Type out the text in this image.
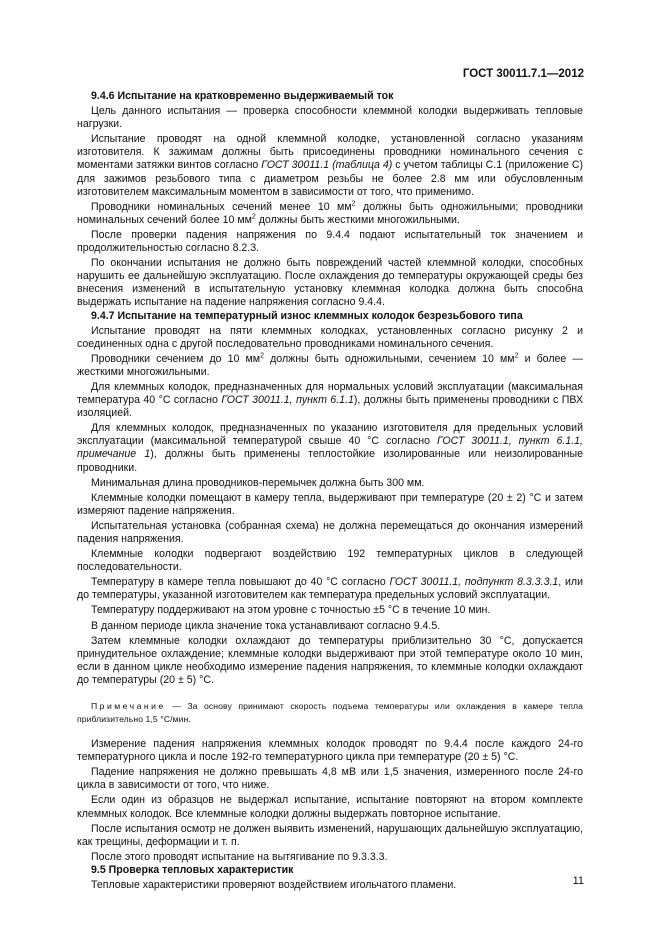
ГОСТ 30011.7.1—2012

9.4.6 Испытание на кратковременно выдерживаемый ток

Цель данного испытания — проверка способности клеммной колодки выдерживать тепловые нагрузки.

Испытание проводят на одной клеммной колодке, установленной согласно указаниям изготовителя. К зажимам должны быть присоединены проводники номинального сечения с моментами затяжки винтов согласно ГОСТ 30011.1 (таблица 4) с учетом таблицы С.1 (приложение С) для зажимов резьбового типа с диаметром резьбы не более 2.8 мм или обусловленным изготовителем максимальным моментом в зависимости от того, что применимо.

Проводники номинальных сечений менее 10 $мм^2$ должны быть одножильными; проводники номинальных сечений более 10 $мм^2$ должны быть жесткими многожильными.

После проверки падения напряжения по 9.4.4 подают испытательный ток значением и продолжительностью согласно 8.2.3.

По окончании испытания не должно быть повреждений частей клеммной колодки, способных нарушить ее дальнейшую эксплуатацию. После охлаждения до температуры окружающей среды без внесения изменений в испытательную установку клеммная колодка должна быть способна выдержать испытание на падение напряжения согласно 9.4.4.

9.4.7 Испытание на температурный износ клеммных колодок безрезьбового типа

Испытание проводят на пяти клеммных колодках, установленных согласно рисунку 2 и соединенных одна с другой последовательно проводниками номинального сечения.

Проводники сечением до 10 $мм^2$ должны быть одножильными, сечением 10 $мм^2$ и более — жесткими многожильными.

Для клеммных колодок, предназначенных для нормальных условий эксплуатации (максимальная температура 40 °С согласно ГОСТ 30011.1, пункт 6.1.1), должны быть применены проводники с ПВХ изоляцией.

Для клеммных колодок, предназначенных по указанию изготовителя для предельных условий эксплуатации (максимальной температурой свыше 40 °С согласно ГОСТ 30011.1, пункт 6.1.1, примечание 1), должны быть применены теплостойкие изолированные или неизолированные проводники.

Минимальная длина проводников-перемычек должна быть 300 мм.

Клеммные колодки помещают в камеру тепла, выдерживают при температуре (20 ± 2) °С и затем измеряют падение напряжения.

Испытательная установка (собранная схема) не должна перемещаться до окончания измерений падения напряжения.

Клеммные колодки подвергают воздействию 192 температурных циклов в следующей последовательности.

Температуру в камере тепла повышают до 40 °С согласно ГОСТ 30011.1, подпункт 8.3.3.3.1, или до температуры, указанной изготовителем как температура предельных условий эксплуатации.

Температуру поддерживают на этом уровне с точностью ±5 °С в течение 10 мин.

В данном периоде цикла значение тока устанавливают согласно 9.4.5.

Затем клеммные колодки охлаждают до температуры приблизительно 30 °С, допускается принудительное охлаждение; клеммные колодки выдерживают при этой температуре около 10 мин, если в данном цикле необходимо измерение падения напряжения, то клеммные колодки охлаждают до температуры (20 ± 5) °С.

Примечание — За основу принимают скорость подъема температуры или охлаждения в камере тепла приблизительно 1,5 °С/мин.

Измерение падения напряжения клеммных колодок проводят по 9.4.4 после каждого 24-го температурного цикла и после 192-го температурного цикла при температуре (20 ± 5) °С.

Падение напряжения не должно превышать 4,8 мВ или 1,5 значения, измеренного после 24-го цикла в зависимости от того, что ниже.

Если один из образцов не выдержал испытание, испытание повторяют на втором комплекте клеммных колодок. Все клеммные колодки должны выдержать повторное испытание.

После испытания осмотр не должен выявить изменений, нарушающих дальнейшую эксплуатацию, как трещины, деформации и т. п.

После этого проводят испытание на вытягивание по 9.3.3.3.

9.5 Проверка тепловых характеристик

Тепловые характеристики проверяют воздействием игольчатого пламени.	11
